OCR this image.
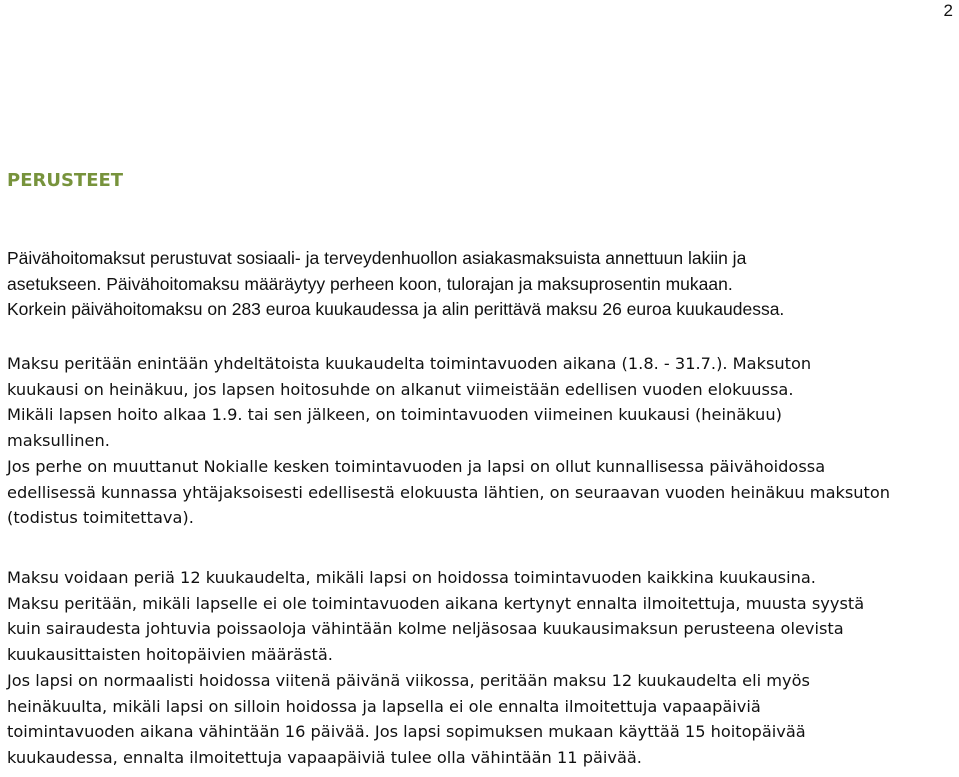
2
PERUSTEET
Päivähoitomaksut perustuvat sosiaali- ja terveydenhuollon asiakasmaksuista annettuun lakiin ja
asetukseen. Päivähoitomaksu määräytyy perheen koon, tulorajan ja maksuprosentin mukaan.
Korkein päivähoitomaksu on 283 euroa kuukaudessa ja alin perittävä maksu 26 euroa kuukaudessa.
Maksu peritään enintään yhdeltätoista kuukaudelta toimintavuoden aikana (1.8. - 31.7.). Maksuton
kuukausi on heinäkuu, jos lapsen hoitosuhde on alkanut viimeistään edellisen vuoden elokuussa.
Mikäli lapsen hoito alkaa 1.9. tai sen jälkeen, on toimintavuoden viimeinen kuukausi (heinäkuu)
maksullinen.
Jos perhe on muuttanut Nokialle kesken toimintavuoden ja lapsi on ollut kunnallisessa päivähoidossa
edellisessä kunnassa yhtäjaksoisesti edellisestä elokuusta lähtien, on seuraavan vuoden heinäkuu maksuton
(todistus toimitettava).
Maksu voidaan periä 12 kuukaudelta, mikäli lapsi on hoidossa toimintavuoden kaikkina kuukausina.
Maksu peritään, mikäli lapselle ei ole toimintavuoden aikana kertynyt ennalta ilmoitettuja, muusta syystä
kuin sairaudesta johtuvia poissaoloja vähintään kolme neljäsosaa kuukausimaksun perusteena olevista
kuukausittaisten hoitopäivien määrästä.
Jos lapsi on normaalisti hoidossa viitenä päivänä viikossa, peritään maksu 12 kuukaudelta eli myös
heinäkuulta, mikäli lapsi on silloin hoidossa ja lapsella ei ole ennalta ilmoitettuja vapaapäiviä
toimintavuoden aikana vähintään 16 päivää. Jos lapsi sopimuksen mukaan käyttää 15 hoitopäivää
kuukaudessa, ennalta ilmoitettuja vapaapäiviä tulee olla vähintään 11 päivää.
